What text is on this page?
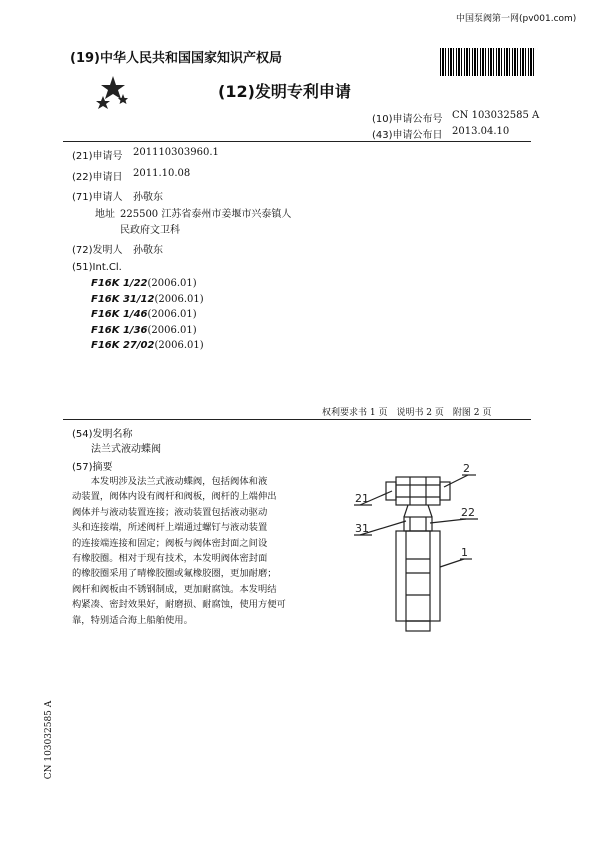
中国泵阀第一网(pv001.com)
(19)中华人民共和国国家知识产权局
(12)发明专利申请
(10)申请公布号 CN 103032585 A
(43)申请公布日 2013.04.10
(21)申请号 201110303960.1
(22)申请日 2011.10.08
(71)申请人 孙敬东
地址 225500 江苏省泰州市姜堰市兴泰镇人
民政府文卫科
(72)发明人 孙敬东
(51)Int.Cl.
F16K 1/22(2006.01)
F16K 31/12(2006.01)
F16K 1/46(2006.01)
F16K 1/36(2006.01)
F16K 27/02(2006.01)
权利要求书 1 页　说明书 2 页　附图 2 页
(54)发明名称
法兰式液动蝶阀
(57)摘要
　　本发明涉及法兰式液动蝶阀，包括阀体和液
动装置，阀体内设有阀杆和阀板，阀杆的上端伸出
阀体并与液动装置连接；液动装置包括液动驱动
头和连接端，所述阀杆上端通过螺钉与液动装置
的连接端连接和固定；阀板与阀体密封面之间设
有橡胶圈。相对于现有技术，本发明阀体密封面
的橡胶圈采用了晴橡胶圈或氟橡胶圈，更加耐磨；
阀杆和阀板由不锈钢制成，更加耐腐蚀。本发明结
构紧凑、密封效果好，耐磨损、耐腐蚀，使用方便可
靠，特别适合海上船舶使用。
2
21
31
22
1
CN 103032585 A
